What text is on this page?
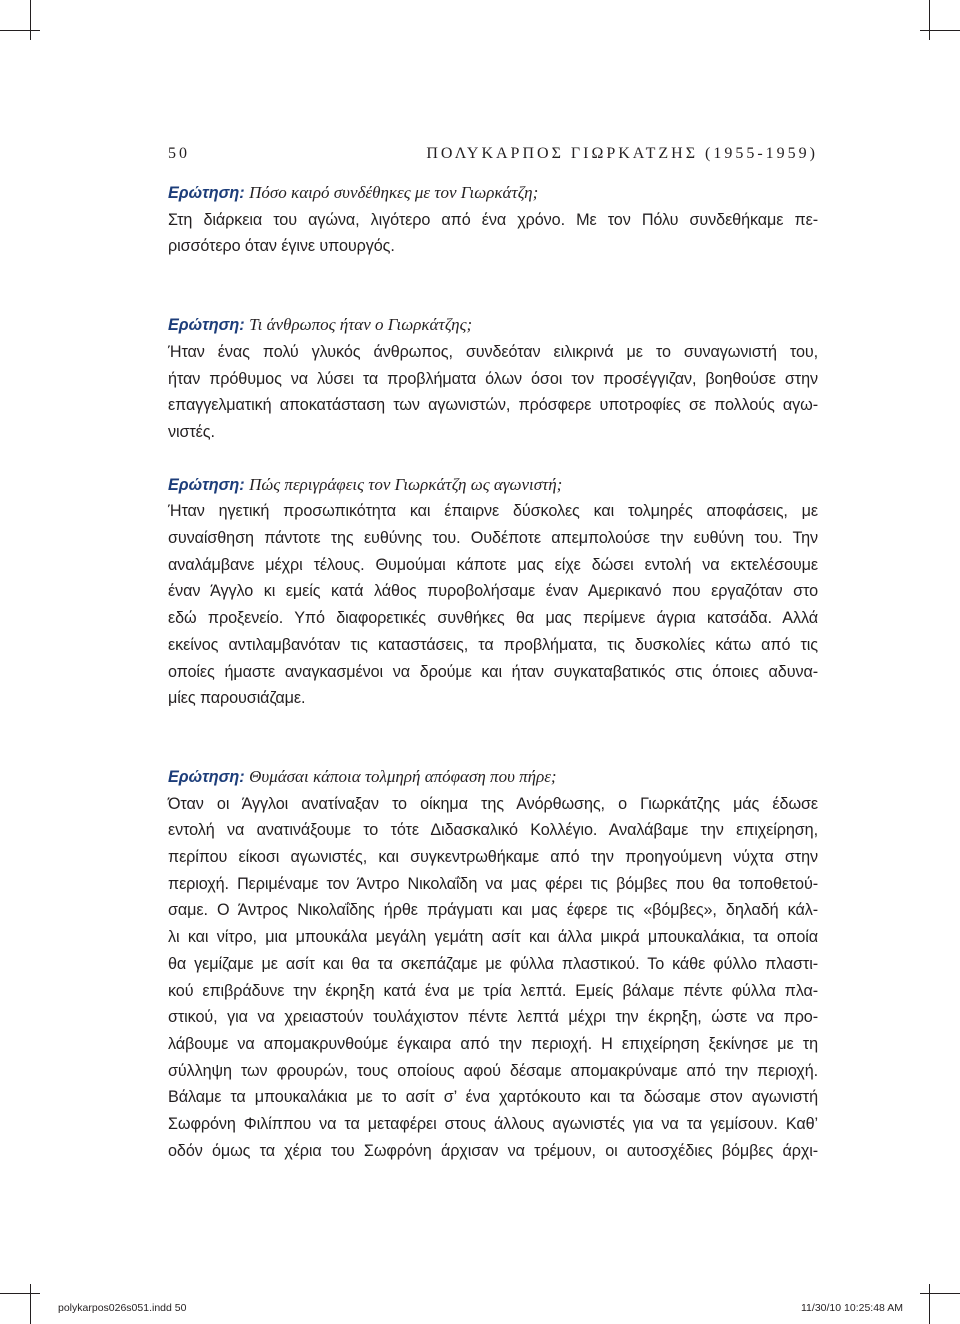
50	ΠΟΛΥΚΑΡΠΟΣ ΓΙΩΡΚΑΤΖΗΣ (1955-1959)
Ερώτηση: Πόσο καιρό συνδέθηκες με τον Γιωρκάτζη;

Στη διάρκεια του αγώνα, λιγότερο από ένα χρόνο. Με τον Πόλυ συνδεθήκαμε πε-

ρισσότερο όταν έγινε υπουργός.

Ερώτηση: Τι άνθρωπος ήταν ο Γιωρκάτζης;

Ήταν ένας πολύ γλυκός άνθρωπος, συνδεόταν ειλικρινά με το συναγωνιστή του,

ήταν πρόθυμος να λύσει τα προβλήματα όλων όσοι τον προσέγγιζαν, βοηθούσε στην

επαγγελματική αποκατάσταση των αγωνιστών, πρόσφερε υποτροφίες σε πολλούς αγω-

νιστές.

Ερώτηση: Πώς περιγράφεις τον Γιωρκάτζη ως αγωνιστή;

Ήταν ηγετική προσωπικότητα και έπαιρνε δύσκολες και τολμηρές αποφάσεις, με

συναίσθηση πάντοτε της ευθύνης του. Ουδέποτε απεμπολούσε την ευθύνη του. Την

αναλάμβανε μέχρι τέλους. Θυμούμαι κάποτε μας είχε δώσει εντολή να εκτελέσουμε

έναν Άγγλο κι εμείς κατά λάθος πυροβολήσαμε έναν Αμερικανό που εργαζόταν στο

εδώ προξενείο. Υπό διαφορετικές συνθήκες θα μας περίμενε άγρια κατσάδα. Αλλά

εκείνος αντιλαμβανόταν τις καταστάσεις, τα προβλήματα, τις δυσκολίες κάτω από τις

οποίες ήμαστε αναγκασμένοι να δρούμε και ήταν συγκαταβατικός στις όποιες αδυνα-

μίες παρουσιάζαμε.

Ερώτηση: Θυμάσαι κάποια τολμηρή απόφαση που πήρε;

Όταν οι Άγγλοι ανατίναξαν το οίκημα της Ανόρθωσης, ο Γιωρκάτζης μάς έδωσε

εντολή να ανατινάξουμε το τότε Διδασκαλικό Κολλέγιο. Αναλάβαμε την επιχείρηση,

περίπου είκοσι αγωνιστές, και συγκεντρωθήκαμε από την προηγούμενη νύχτα στην

περιοχή. Περιμέναμε τον Άντρο Νικολαΐδη να μας φέρει τις βόμβες που θα τοποθετού-

σαμε. Ο Άντρος Νικολαΐδης ήρθε πράγματι και μας έφερε τις «βόμβες», δηλαδή κάλ-

λι και νίτρο, μια μπουκάλα μεγάλη γεμάτη ασίτ και άλλα μικρά μπουκαλάκια, τα οποία

θα γεμίζαμε με ασίτ και θα τα σκεπάζαμε με φύλλα πλαστικού. Το κάθε φύλλο πλαστι-

κού επιβράδυνε την έκρηξη κατά ένα με τρία λεπτά. Εμείς βάλαμε πέντε φύλλα πλα-

στικού, για να χρειαστούν τουλάχιστον πέντε λεπτά μέχρι την έκρηξη, ώστε να προ-

λάβουμε να απομακρυνθούμε έγκαιρα από την περιοχή. Η επιχείρηση ξεκίνησε με τη

σύλληψη των φρουρών, τους οποίους αφού δέσαμε απομακρύναμε από την περιοχή.

Βάλαμε τα μπουκαλάκια με το ασίτ σ’ ένα χαρτόκουτο και τα δώσαμε στον αγωνιστή

Σωφρόνη Φιλίππου να τα μεταφέρει στους άλλους αγωνιστές για να τα γεμίσουν. Καθ’

οδόν όμως τα χέρια του Σωφρόνη άρχισαν να τρέμουν, οι αυτοσχέδιες βόμβες άρχι-

polykarpos026s051.indd 50	11/30/10 10:25:48 AM
